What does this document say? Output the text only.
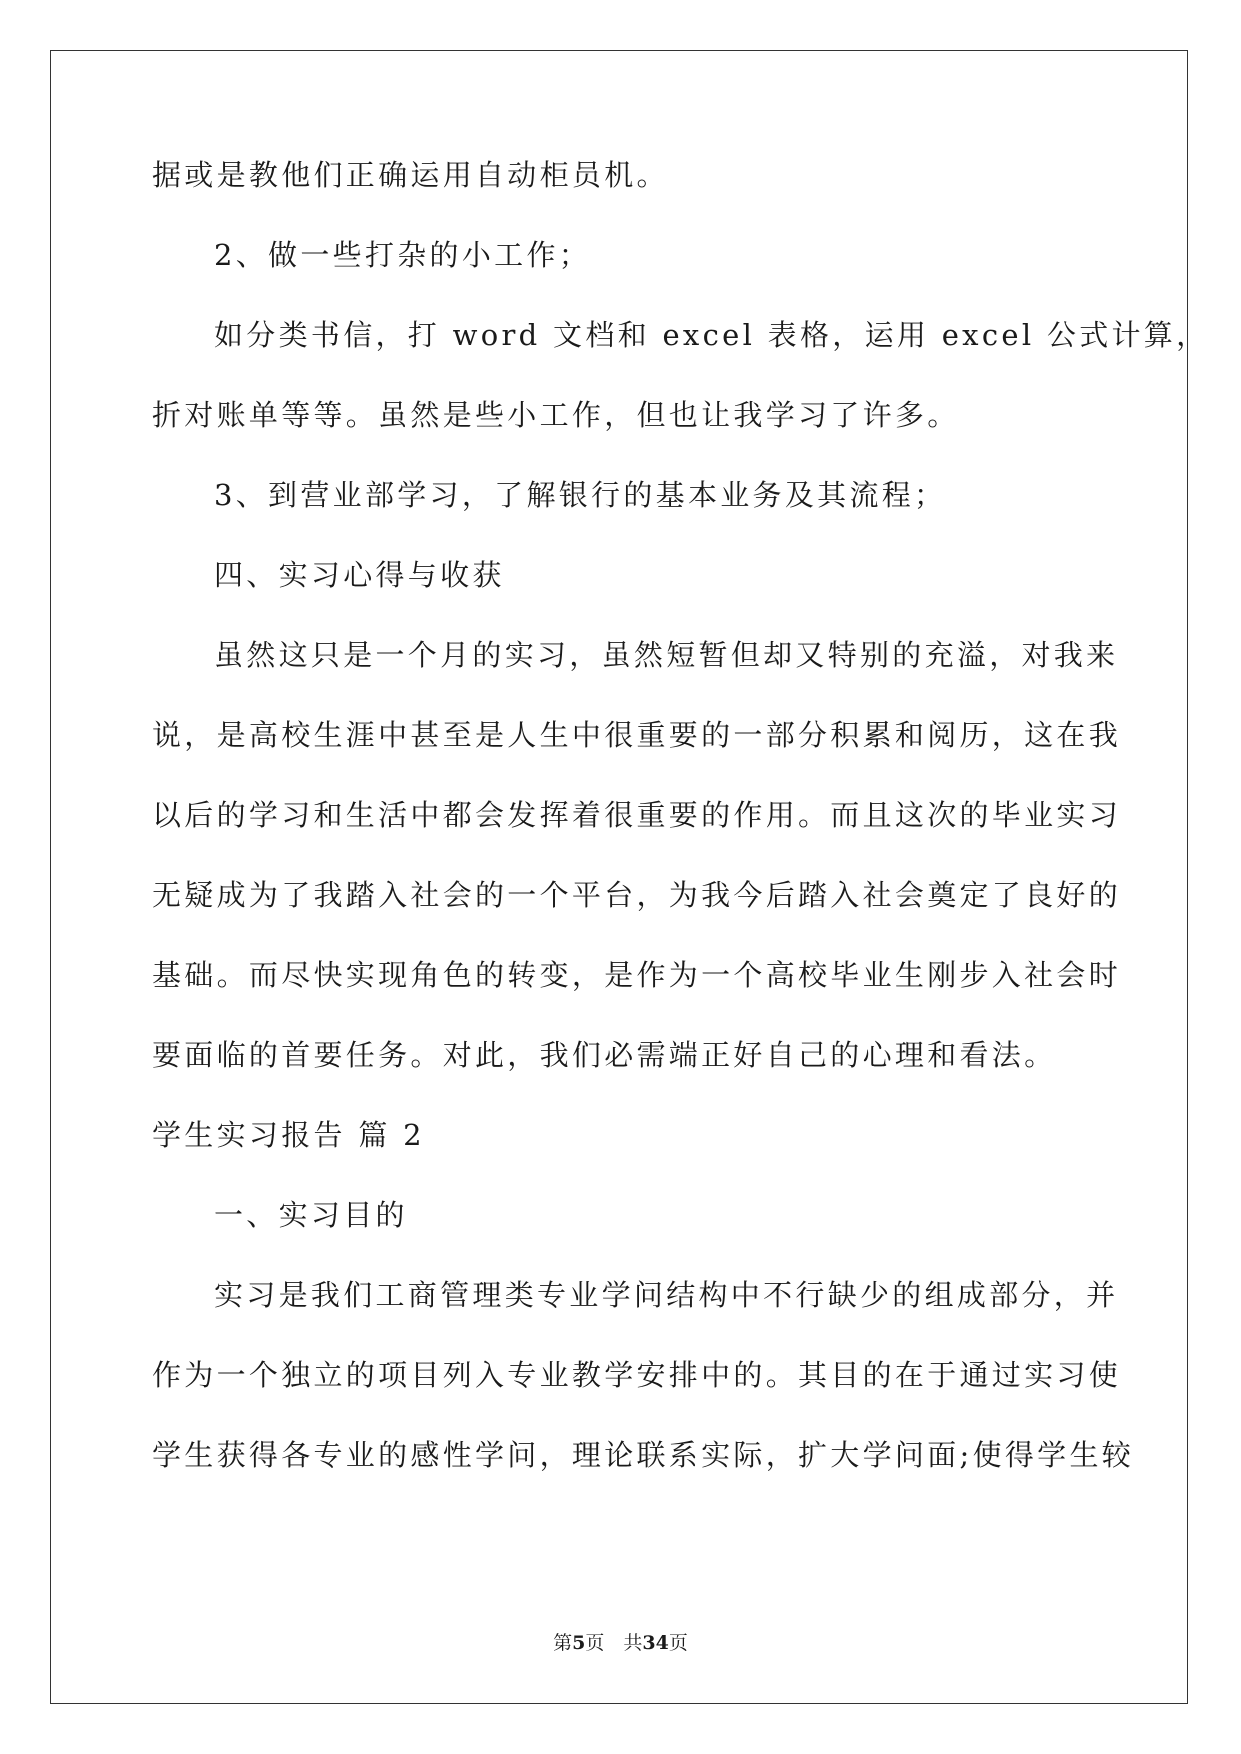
据或是教他们正确运用自动柜员机。
2、做一些打杂的小工作；
如分类书信，打 word 文档和 excel 表格，运用 excel 公式计算，
折对账单等等。虽然是些小工作，但也让我学习了许多。
3、到营业部学习，了解银行的基本业务及其流程；
四、实习心得与收获
虽然这只是一个月的实习，虽然短暂但却又特别的充溢，对我来
说，是高校生涯中甚至是人生中很重要的一部分积累和阅历，这在我
以后的学习和生活中都会发挥着很重要的作用。而且这次的毕业实习
无疑成为了我踏入社会的一个平台，为我今后踏入社会奠定了良好的
基础。而尽快实现角色的转变，是作为一个高校毕业生刚步入社会时
要面临的首要任务。对此，我们必需端正好自己的心理和看法。
学生实习报告 篇 2
一、实习目的
实习是我们工商管理类专业学问结构中不行缺少的组成部分，并
作为一个独立的项目列入专业教学安排中的。其目的在于通过实习使
学生获得各专业的感性学问，理论联系实际，扩大学问面;使得学生较
第5页　共34页
